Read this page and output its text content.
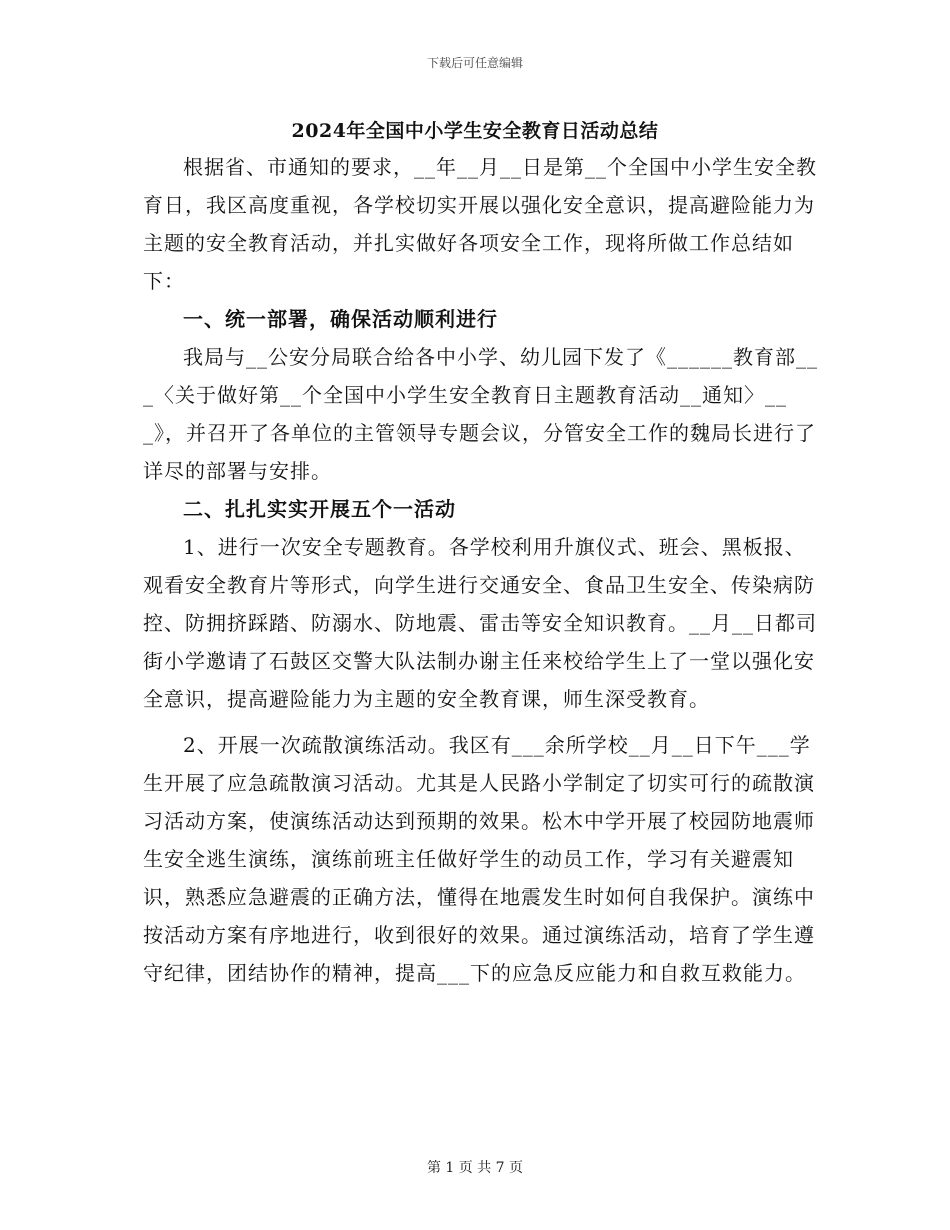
下载后可任意编辑
2024年全国中小学生安全教育日活动总结

根据省、市通知的要求，__年__月__日是第__个全国中小学生安全教育日，我区高度重视，各学校切实开展以强化安全意识，提高避险能力为主题的安全教育活动，并扎实做好各项安全工作，现将所做工作总结如下：

一、统一部署，确保活动顺利进行

我局与__公安分局联合给各中小学、幼儿园下发了《______教育部___〈关于做好第__个全国中小学生安全教育日主题教育活动__通知〉___》，并召开了各单位的主管领导专题会议，分管安全工作的魏局长进行了详尽的部署与安排。

二、扎扎实实开展五个一活动

1、进行一次安全专题教育。各学校利用升旗仪式、班会、黑板报、观看安全教育片等形式，向学生进行交通安全、食品卫生安全、传染病防控、防拥挤踩踏、防溺水、防地震、雷击等安全知识教育。__月__日都司街小学邀请了石鼓区交警大队法制办谢主任来校给学生上了一堂以强化安全意识，提高避险能力为主题的安全教育课，师生深受教育。

2、开展一次疏散演练活动。我区有___余所学校__月__日下午___学生开展了应急疏散演习活动。尤其是人民路小学制定了切实可行的疏散演习活动方案，使演练活动达到预期的效果。松木中学开展了校园防地震师生安全逃生演练，演练前班主任做好学生的动员工作，学习有关避震知识，熟悉应急避震的正确方法，懂得在地震发生时如何自我保护。演练中按活动方案有序地进行，收到很好的效果。通过演练活动，培育了学生遵守纪律，团结协作的精神，提高___下的应急反应能力和自救互救能力。

第 1 页 共 7 页
